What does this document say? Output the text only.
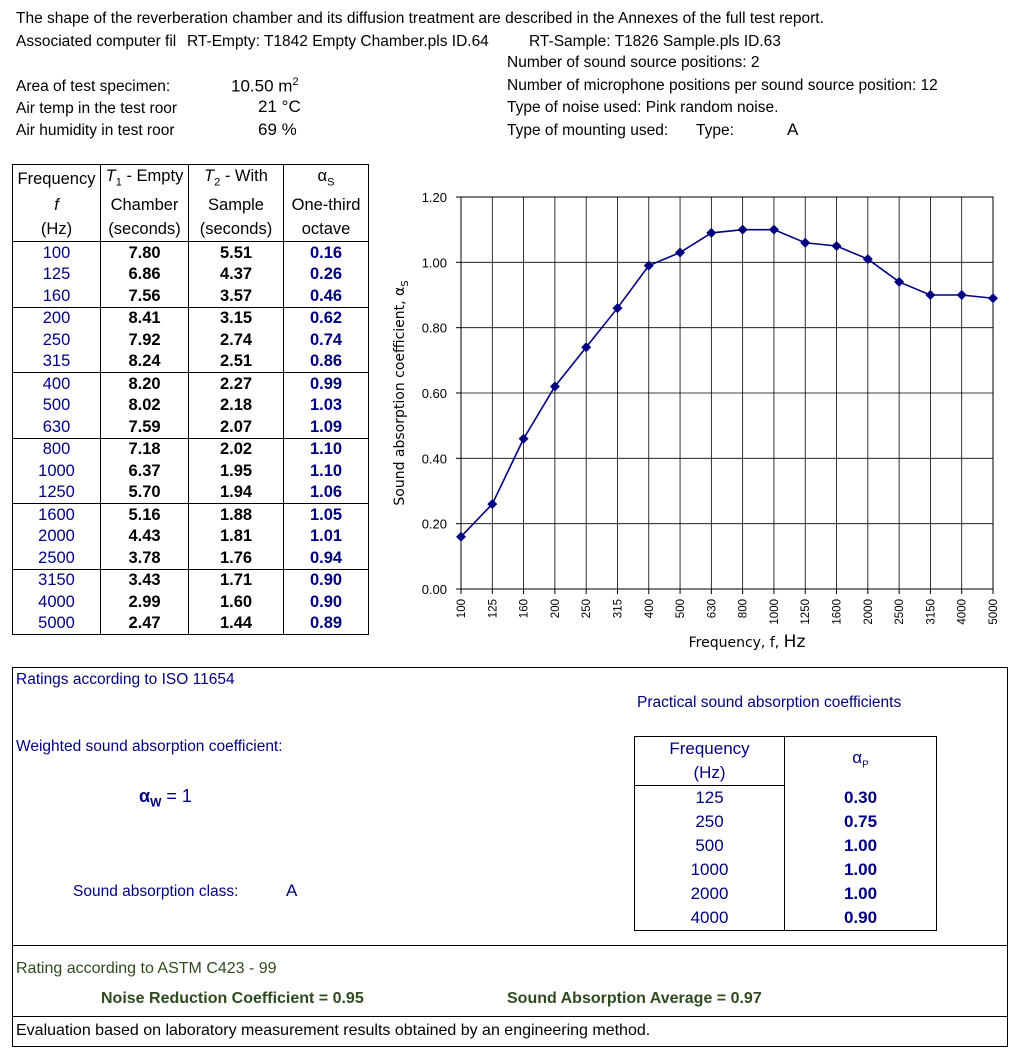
The shape of the reverberation chamber and its diffusion treatment are described in the Annexes of the full test report.
Associated computer fil RT-Empty: T1842 Empty Chamber.pls ID.64	RT-Sample: T1826 Sample.pls ID.63
Number of sound source positions: 2
Number of microphone positions per sound source position: 12
Type of noise used: Pink random noise.
Type of mounting used: Type:	A
Area of test specimen:	10.50 $m^2$
Air temp in the test roor	21 °C
Air humidity in test roor	69 %
Frequency	$T_1$ - Empty	$T_2$ - With	$\alpha_S$
f	Chamber	Sample	One-third
(Hz)	(seconds)	(seconds)	octave
100	7.80	5.51	0.16
125	6.86	4.37	0.26
160	7.56	3.57	0.46
200	8.41	3.15	0.62
250	7.92	2.74	0.74
315	8.24	2.51	0.86
400	8.20	2.27	0.99
500	8.02	2.18	1.03
630	7.59	2.07	1.09
800	7.18	2.02	1.10
1000	6.37	1.95	1.10
1250	5.70	1.94	1.06
1600	5.16	1.88	1.05
2000	4.43	1.81	1.01
2500	3.78	1.76	0.94
3150	3.43	1.71	0.90
4000	2.99	1.60	0.90
5000	2.47	1.44	0.89
0.00
0.20
0.40
0.60
0.80
1.00
1.20
100 125 160 200 250 315 400 500 630 800 1000 1250 1600 2000 2500 3150 4000 5000
Sound absorption coefficient, $\alpha_S$
Frequency, f, Hz
Ratings according to ISO 11654
Weighted sound absorption coefficient:
$\alpha_W = 1$
Sound absorption class:	A
Practical sound absorption coefficients
Frequency	$\alpha_P$
(Hz)	
125	0.30
250	0.75
500	1.00
1000	1.00
2000	1.00
4000	0.90
Rating according to ASTM C423 - 99
Noise Reduction Coefficient = 0.95	Sound Absorption Average = 0.97
Evaluation based on laboratory measurement results obtained by an engineering method.
